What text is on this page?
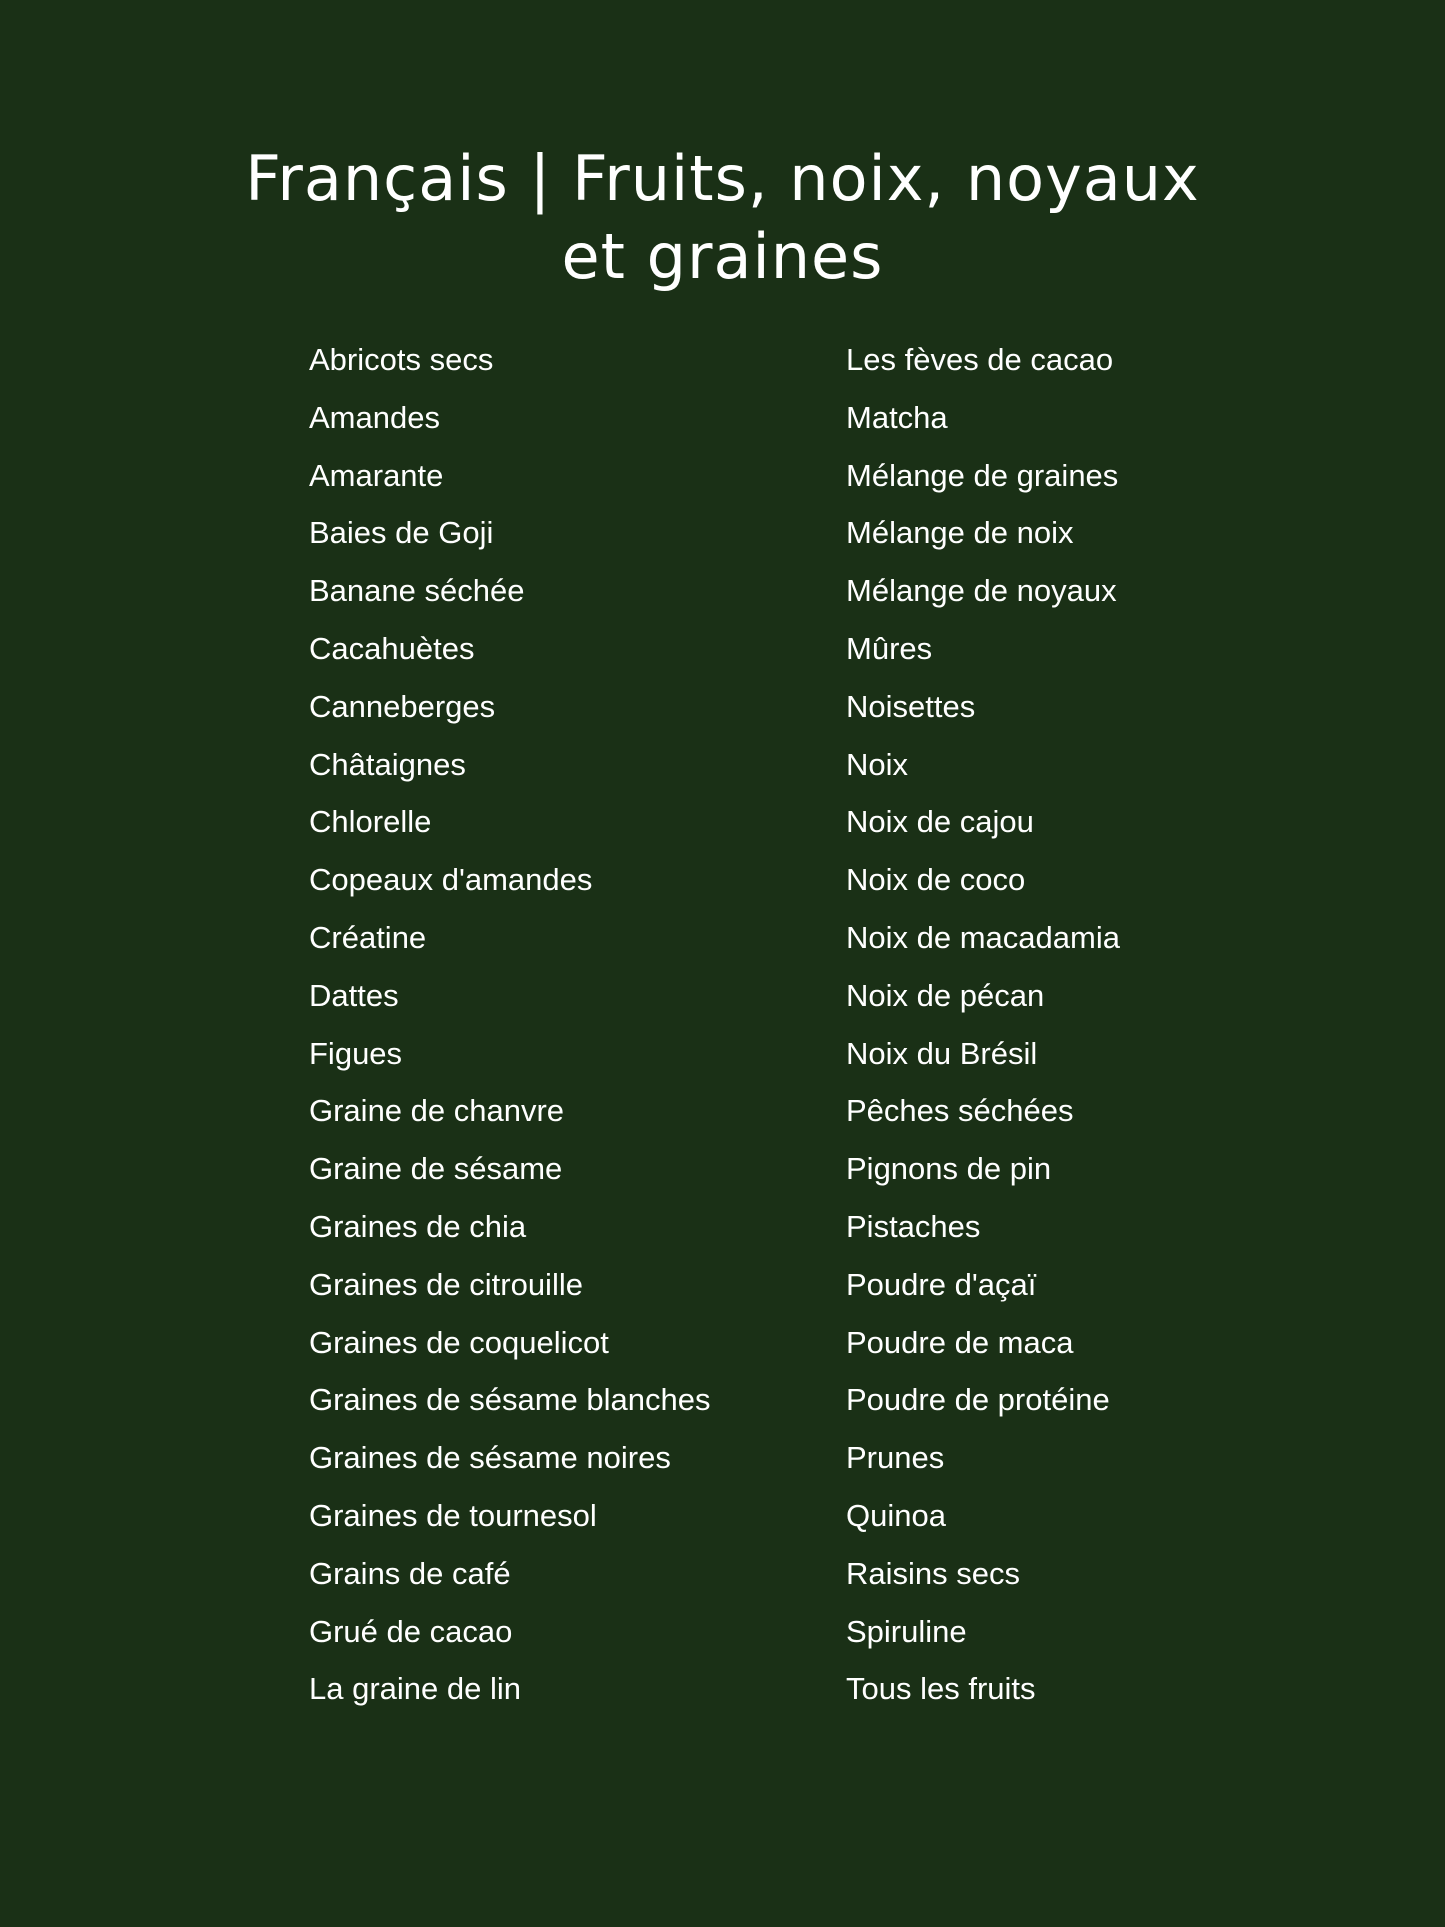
Français | Fruits, noix, noyaux
et graines
Abricots secs
Amandes
Amarante
Baies de Goji
Banane séchée
Cacahuètes
Canneberges
Châtaignes
Chlorelle
Copeaux d'amandes
Créatine
Dattes
Figues
Graine de chanvre
Graine de sésame
Graines de chia
Graines de citrouille
Graines de coquelicot
Graines de sésame blanches
Graines de sésame noires
Graines de tournesol
Grains de café
Grué de cacao
La graine de lin
Les fèves de cacao
Matcha
Mélange de graines
Mélange de noix
Mélange de noyaux
Mûres
Noisettes
Noix
Noix de cajou
Noix de coco
Noix de macadamia
Noix de pécan
Noix du Brésil
Pêches séchées
Pignons de pin
Pistaches
Poudre d'açaï
Poudre de maca
Poudre de protéine
Prunes
Quinoa
Raisins secs
Spiruline
Tous les fruits
